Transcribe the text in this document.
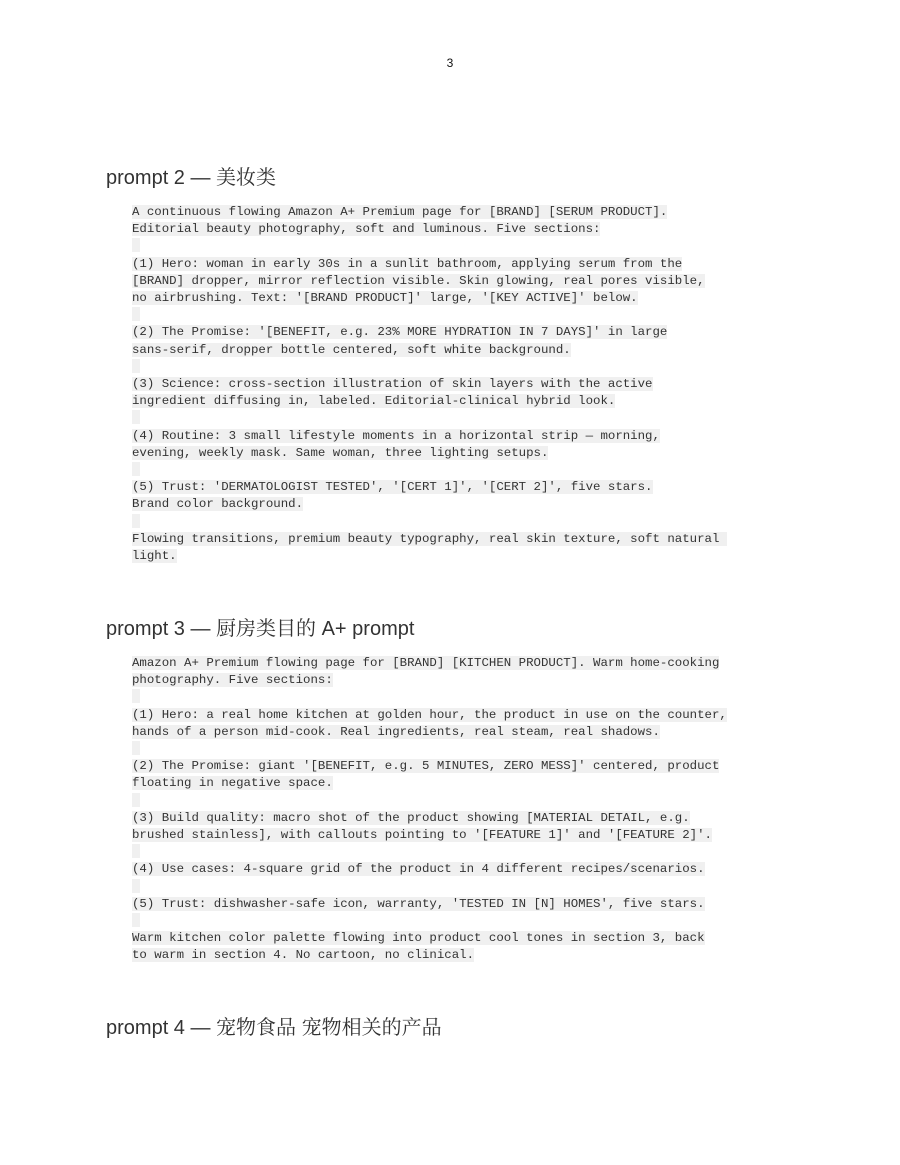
3
prompt 2 — 美妆类
A continuous flowing Amazon A+ Premium page for [BRAND] [SERUM PRODUCT].
Editorial beauty photography, soft and luminous. Five sections:
(1) Hero: woman in early 30s in a sunlit bathroom, applying serum from the
[BRAND] dropper, mirror reflection visible. Skin glowing, real pores visible,
no airbrushing. Text: '[BRAND PRODUCT]' large, '[KEY ACTIVE]' below.
(2) The Promise: '[BENEFIT, e.g. 23% MORE HYDRATION IN 7 DAYS]' in large
sans-serif, dropper bottle centered, soft white background.
(3) Science: cross-section illustration of skin layers with the active
ingredient diffusing in, labeled. Editorial-clinical hybrid look.
(4) Routine: 3 small lifestyle moments in a horizontal strip — morning,
evening, weekly mask. Same woman, three lighting setups.
(5) Trust: 'DERMATOLOGIST TESTED', '[CERT 1]', '[CERT 2]', five stars.
Brand color background.
Flowing transitions, premium beauty typography, real skin texture, soft natural
light.
prompt 3 — 厨房类目的 A+ prompt
Amazon A+ Premium flowing page for [BRAND] [KITCHEN PRODUCT]. Warm home-cooking
photography. Five sections:
(1) Hero: a real home kitchen at golden hour, the product in use on the counter,
hands of a person mid-cook. Real ingredients, real steam, real shadows.
(2) The Promise: giant '[BENEFIT, e.g. 5 MINUTES, ZERO MESS]' centered, product
floating in negative space.
(3) Build quality: macro shot of the product showing [MATERIAL DETAIL, e.g.
brushed stainless], with callouts pointing to '[FEATURE 1]' and '[FEATURE 2]'.
(4) Use cases: 4-square grid of the product in 4 different recipes/scenarios.
(5) Trust: dishwasher-safe icon, warranty, 'TESTED IN [N] HOMES', five stars.
Warm kitchen color palette flowing into product cool tones in section 3, back
to warm in section 4. No cartoon, no clinical.
prompt 4 — 宠物食品 宠物相关的产品
